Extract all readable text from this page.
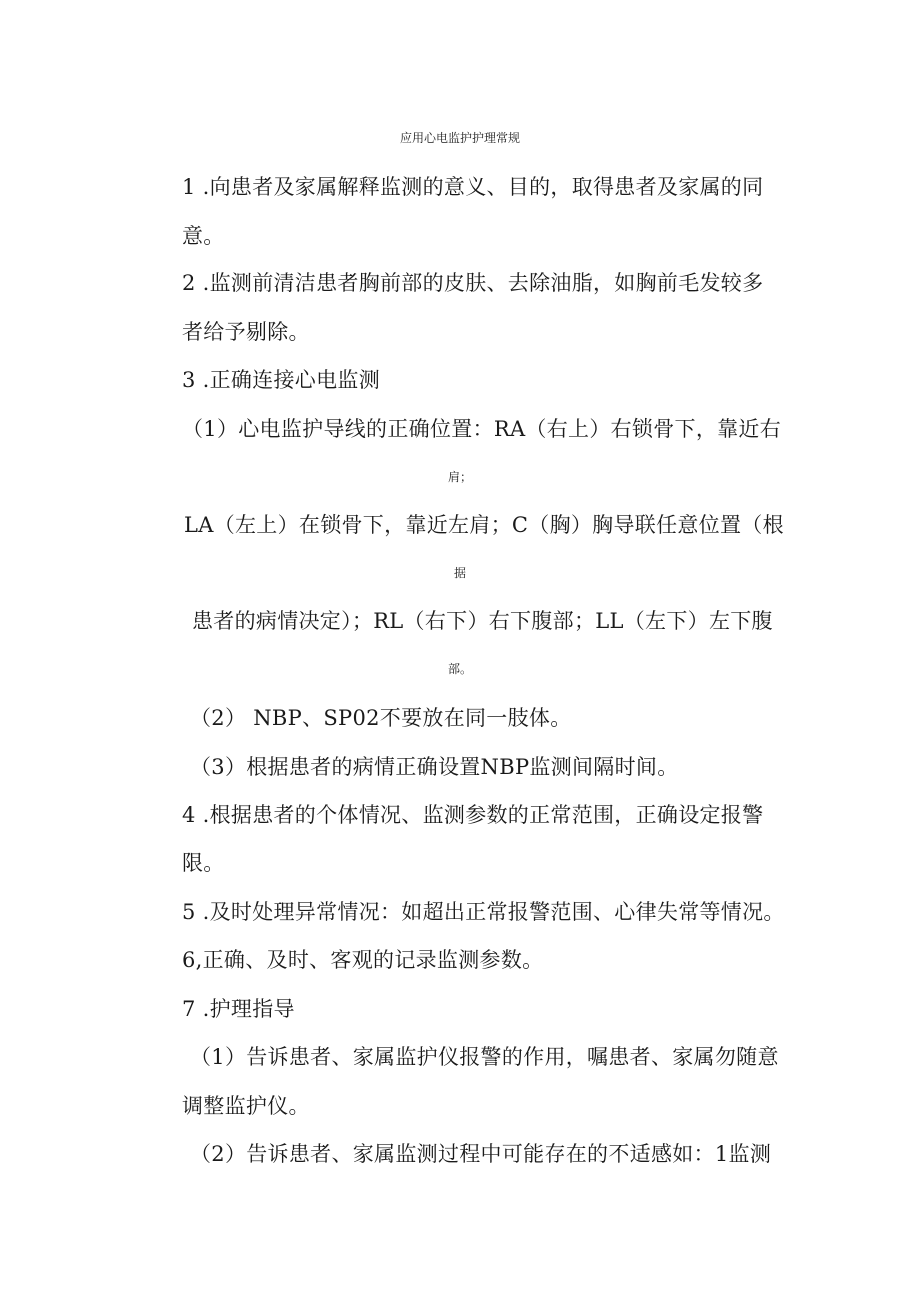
应用心电监护护理常规
1 .向患者及家属解释监测的意义、目的，取得患者及家属的同
意。
2 .监测前清洁患者胸前部的皮肤、去除油脂，如胸前毛发较多
者给予剔除。
3 .正确连接心电监测
（1）心电监护导线的正确位置：RA（右上）右锁骨下，靠近右
肩；
LA（左上）在锁骨下，靠近左肩；C（胸）胸导联任意位置（根
据
患者的病情决定）；RL（右下）右下腹部；LL（左下）左下腹
部。
（2） NBP、SP02不要放在同一肢体。
（3）根据患者的病情正确设置NBP监测间隔时间。
4 .根据患者的个体情况、监测参数的正常范围，正确设定报警
限。
5 .及时处理异常情况：如超出正常报警范围、心律失常等情况。
6,正确、及时、客观的记录监测参数。
7 .护理指导
（1）告诉患者、家属监护仪报警的作用，嘱患者、家属勿随意
调整监护仪。
（2）告诉患者、家属监测过程中可能存在的不适感如：1监测
